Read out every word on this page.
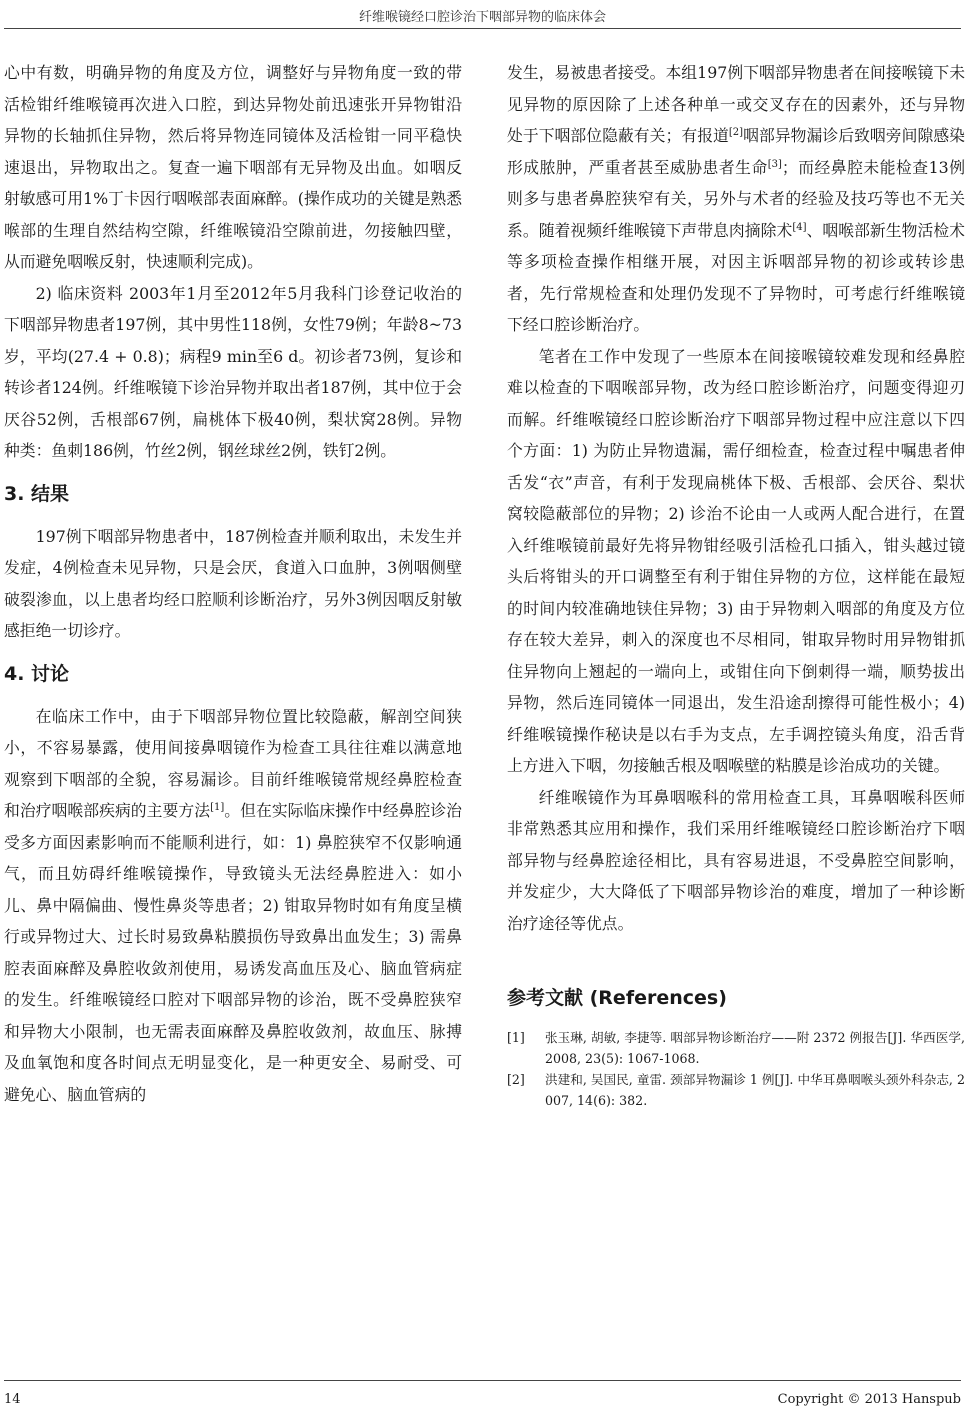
纤维喉镜经口腔诊治下咽部异物的临床体会

心中有数，明确异物的角度及方位，调整好与异物角度一致的带活检钳纤维喉镜再次进入口腔，到达异物处前迅速张开异物钳沿异物的长轴抓住异物，然后将异物连同镜体及活检钳一同平稳快速退出，异物取出之。复查一遍下咽部有无异物及出血。如咽反射敏感可用1%丁卡因行咽喉部表面麻醉。(操作成功的关键是熟悉喉部的生理自然结构空隙，纤维喉镜沿空隙前进，勿接触四壁，从而避免咽喉反射，快速顺利完成)。

2) 临床资料 2003年1月至2012年5月我科门诊登记收治的下咽部异物患者197例，其中男性118例，女性79例；年龄8~73岁，平均(27.4 + 0.8)；病程9 min至6 d。初诊者73例，复诊和转诊者124例。纤维喉镜下诊治异物并取出者187例，其中位于会厌谷52例，舌根部67例，扁桃体下极40例，梨状窝28例。异物种类：鱼刺186例，竹丝2例，钢丝球丝2例，铁钉2例。

3. 结果

197例下咽部异物患者中，187例检查并顺利取出，未发生并发症，4例检查未见异物，只是会厌，食道入口血肿，3例咽侧壁破裂渗血，以上患者均经口腔顺利诊断治疗，另外3例因咽反射敏感拒绝一切诊疗。

4. 讨论

在临床工作中，由于下咽部异物位置比较隐蔽，解剖空间狭小，不容易暴露，使用间接鼻咽镜作为检查工具往往难以满意地观察到下咽部的全貌，容易漏诊。目前纤维喉镜常规经鼻腔检查和治疗咽喉部疾病的主要方法[1]。但在实际临床操作中经鼻腔诊治受多方面因素影响而不能顺利进行，如：1) 鼻腔狭窄不仅影响通气，而且妨碍纤维喉镜操作，导致镜头无法经鼻腔进入：如小儿、鼻中隔偏曲、慢性鼻炎等患者；2) 钳取异物时如有角度呈横行或异物过大、过长时易致鼻粘膜损伤导致鼻出血发生；3) 需鼻腔表面麻醉及鼻腔收敛剂使用，易诱发高血压及心、脑血管病症的发生。纤维喉镜经口腔对下咽部异物的诊治，既不受鼻腔狭窄和异物大小限制，也无需表面麻醉及鼻腔收敛剂，故血压、脉搏及血氧饱和度各时间点无明显变化，是一种更安全、易耐受、可避免心、脑血管病的

发生，易被患者接受。本组197例下咽部异物患者在间接喉镜下未见异物的原因除了上述各种单一或交叉存在的因素外，还与异物处于下咽部位隐蔽有关；有报道[2]咽部异物漏诊后致咽旁间隙感染形成脓肿，严重者甚至威胁患者生命[3]；而经鼻腔未能检查13例则多与患者鼻腔狭窄有关，另外与术者的经验及技巧等也不无关系。随着视频纤维喉镜下声带息肉摘除术[4]、咽喉部新生物活检术等多项检查操作相继开展，对因主诉咽部异物的初诊或转诊患者，先行常规检查和处理仍发现不了异物时，可考虑行纤维喉镜下经口腔诊断治疗。

笔者在工作中发现了一些原本在间接喉镜较难发现和经鼻腔难以检查的下咽喉部异物，改为经口腔诊断治疗，问题变得迎刃而解。纤维喉镜经口腔诊断治疗下咽部异物过程中应注意以下四个方面：1) 为防止异物遗漏，需仔细检查，检查过程中嘱患者伸舌发“衣”声音，有利于发现扁桃体下极、舌根部、会厌谷、梨状窝较隐蔽部位的异物；2) 诊治不论由一人或两人配合进行，在置入纤维喉镜前最好先将异物钳经吸引活检孔口插入，钳头越过镜头后将钳头的开口调整至有利于钳住异物的方位，这样能在最短的时间内较准确地铗住异物；3) 由于异物刺入咽部的角度及方位存在较大差异，刺入的深度也不尽相同，钳取异物时用异物钳抓住异物向上翘起的一端向上，或钳住向下倒刺得一端，顺势拔出异物，然后连同镜体一同退出，发生沿途刮擦得可能性极小；4) 纤维喉镜操作秘诀是以右手为支点，左手调控镜头角度，沿舌背上方进入下咽，勿接触舌根及咽喉壁的粘膜是诊治成功的关键。

纤维喉镜作为耳鼻咽喉科的常用检查工具，耳鼻咽喉科医师非常熟悉其应用和操作，我们采用纤维喉镜经口腔诊断治疗下咽部异物与经鼻腔途径相比，具有容易进退，不受鼻腔空间影响，并发症少，大大降低了下咽部异物诊治的难度，增加了一种诊断治疗途径等优点。

参考文献 (References)
[1]	张玉琳, 胡敏, 李捷等. 咽部异物诊断治疗——附 2372 例报告[J]. 华西医学, 2008, 23(5): 1067-1068.
[2]	洪建和, 吴国民, 童雷. 颈部异物漏诊 1 例[J]. 中华耳鼻咽喉头颈外科杂志, 2007, 14(6): 382.
14	Copyright © 2013 Hanspub
